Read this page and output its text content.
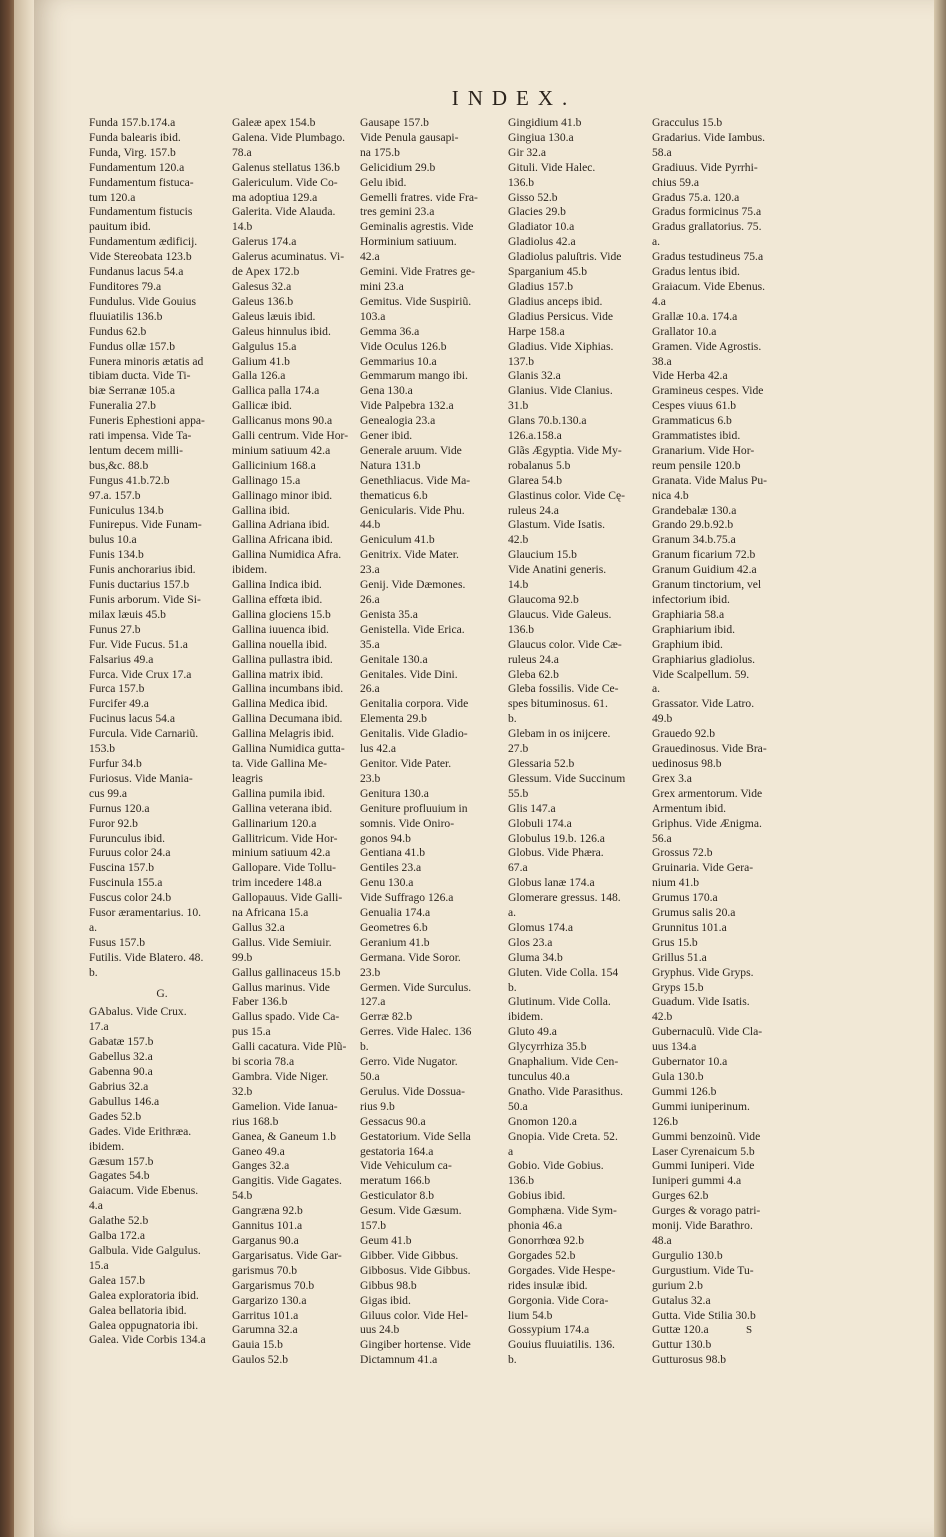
INDEX.
Funda 157.b.174.a
Funda balearis ibid.
Funda, Virg. 157.b
Fundamentum 120.a
Fundamentum fistuca-
tum 120.a
Fundamentum fistucis
pauitum ibid.
Fundamentum ædificij.
Vide Stereobata 123.b
Fundanus lacus 54.a
Funditores 79.a
Fundulus. Vide Gouius
fluuiatilis 136.b
Fundus 62.b
Fundus ollæ 157.b
Funera minoris ætatis ad
tibiam ducta. Vide Ti-
biæ Serranæ 105.a
Funeralia 27.b
Funeris Ephestioni appa-
rati impensa. Vide Ta-
lentum decem milli-
bus,&c. 88.b
Fungus 41.b.72.b
97.a. 157.b
Funiculus 134.b
Funirepus. Vide Funam-
bulus 10.a
Funis 134.b
Funis anchorarius ibid.
Funis ductarius 157.b
Funis arborum. Vide Si-
milax læuis 45.b
Funus 27.b
Fur. Vide Fucus. 51.a
Falsarius 49.a
Furca. Vide Crux 17.a
Furca 157.b
Furcifer 49.a
Fucinus lacus 54.a
Furcula. Vide Carnariũ.
153.b
Furfur 34.b
Furiosus. Vide Mania-
cus 99.a
Furnus 120.a
Furor 92.b
Furunculus ibid.
Furuus color 24.a
Fuscina 157.b
Fuscinula 155.a
Fuscus color 24.b
Fusor æramentarius. 10.
a.
Fusus 157.b
Futilis. Vide Blatero. 48.
b.
G.
GAbalus. Vide Crux.
17.a
Gabatæ 157.b
Gabellus 32.a
Gabenna 90.a
Gabrius 32.a
Gabullus 146.a
Gades 52.b
Gades. Vide Erithræa.
ibidem.
Gæsum 157.b
Gagates 54.b
Gaiacum. Vide Ebenus.
4.a
Galathe 52.b
Galba 172.a
Galbula. Vide Galgulus.
15.a
Galea 157.b
Galea exploratoria ibid.
Galea bellatoria ibid.
Galea oppugnatoria ibi.
Galea. Vide Corbis 134.a
Galeæ apex 154.b
Galena. Vide Plumbago.
78.a
Galenus stellatus 136.b
Galericulum. Vide Co-
ma adoptiua 129.a
Galerita. Vide Alauda.
14.b
Galerus 174.a
Galerus acuminatus. Vi-
de Apex 172.b
Galesus 32.a
Galeus 136.b
Galeus læuis ibid.
Galeus hinnulus ibid.
Galgulus 15.a
Galium 41.b
Galla 126.a
Gallica palla 174.a
Gallicæ ibid.
Gallicanus mons 90.a
Galli centrum. Vide Hor-
minium satiuum 42.a
Gallicinium 168.a
Gallinago 15.a
Gallinago minor ibid.
Gallina ibid.
Gallina Adriana ibid.
Gallina Africana ibid.
Gallina Numidica Afra.
ibidem.
Gallina Indica ibid.
Gallina effœta ibid.
Gallina glociens 15.b
Gallina iuuenca ibid.
Gallina nouella ibid.
Gallina pullastra ibid.
Gallina matrix ibid.
Gallina incumbans ibid.
Gallina Medica ibid.
Gallina Decumana ibid.
Gallina Melagris ibid.
Gallina Numidica gutta-
ta. Vide Gallina Me-
leagris
Gallina pumila ibid.
Gallina veterana ibid.
Gallinarium 120.a
Gallitricum. Vide Hor-
minium satiuum 42.a
Gallopare. Vide Tollu-
trim incedere 148.a
Gallopauus. Vide Galli-
na Africana 15.a
Gallus 32.a
Gallus. Vide Semiuir.
99.b
Gallus gallinaceus 15.b
Gallus marinus. Vide
Faber 136.b
Gallus spado. Vide Ca-
pus 15.a
Galli cacatura. Vide Plũ-
bi scoria 78.a
Gambra. Vide Niger.
32.b
Gamelion. Vide Ianua-
rius 168.b
Ganea, & Ganeum 1.b
Ganeo 49.a
Ganges 32.a
Gangitis. Vide Gagates.
54.b
Gangræna 92.b
Gannitus 101.a
Garganus 90.a
Gargarisatus. Vide Gar-
garismus 70.b
Gargarismus 70.b
Gargarizo 130.a
Garritus 101.a
Garumna 32.a
Gauia 15.b
Gaulos 52.b
Gausape 157.b
Vide Penula gausapi-
na 175.b
Gelicidium 29.b
Gelu ibid.
Gemelli fratres. vide Fra-
tres gemini 23.a
Geminalis agrestis. Vide
Horminium satiuum.
42.a
Gemini. Vide Fratres ge-
mini 23.a
Gemitus. Vide Suspiriũ.
103.a
Gemma 36.a
Vide Oculus 126.b
Gemmarius 10.a
Gemmarum mango ibi.
Gena 130.a
Vide Palpebra 132.a
Genealogia 23.a
Gener ibid.
Generale aruum. Vide
Natura 131.b
Genethliacus. Vide Ma-
thematicus 6.b
Genicularis. Vide Phu.
44.b
Geniculum 41.b
Genitrix. Vide Mater.
23.a
Genij. Vide Dæmones.
26.a
Genista 35.a
Genistella. Vide Erica.
35.a
Genitale 130.a
Genitales. Vide Dini.
26.a
Genitalia corpora. Vide
Elementa 29.b
Genitalis. Vide Gladio-
lus 42.a
Genitor. Vide Pater.
23.b
Genitura 130.a
Geniture profluuium in
somnis. Vide Oniro-
gonos 94.b
Gentiana 41.b
Gentiles 23.a
Genu 130.a
Vide Suffrago 126.a
Genualia 174.a
Geometres 6.b
Geranium 41.b
Germana. Vide Soror.
23.b
Germen. Vide Surculus.
127.a
Gerræ 82.b
Gerres. Vide Halec. 136
b.
Gerro. Vide Nugator.
50.a
Gerulus. Vide Dossua-
rius 9.b
Gessacus 90.a
Gestatorium. Vide Sella
gestatoria 164.a
Vide Vehiculum ca-
meratum 166.b
Gesticulator 8.b
Gesum. Vide Gæsum.
157.b
Geum 41.b
Gibber. Vide Gibbus.
Gibbosus. Vide Gibbus.
Gibbus 98.b
Gigas ibid.
Giluus color. Vide Hel-
uus 24.b
Gingiber hortense. Vide
Dictamnum 41.a
Gingidium 41.b
Gingiua 130.a
Gir 32.a
Gituli. Vide Halec.
136.b
Gisso 52.b
Glacies 29.b
Gladiator 10.a
Gladiolus 42.a
Gladiolus paluſtris. Vide
Sparganium 45.b
Gladius 157.b
Gladius anceps ibid.
Gladius Persicus. Vide
Harpe 158.a
Gladius. Vide Xiphias.
137.b
Glanis 32.a
Glanius. Vide Clanius.
31.b
Glans 70.b.130.a
126.a.158.a
Glãs Ægyptia. Vide My-
robalanus 5.b
Glarea 54.b
Glastinus color. Vide Cę-
ruleus 24.a
Glastum. Vide Isatis.
42.b
Glaucium 15.b
Vide Anatini generis.
14.b
Glaucoma 92.b
Glaucus. Vide Galeus.
136.b
Glaucus color. Vide Cæ-
ruleus 24.a
Gleba 62.b
Gleba fossilis. Vide Ce-
spes bituminosus. 61.
b.
Glebam in os inijcere.
27.b
Glessaria 52.b
Glessum. Vide Succinum
55.b
Glis 147.a
Globuli 174.a
Globulus 19.b. 126.a
Globus. Vide Phæra.
67.a
Globus lanæ 174.a
Glomerare gressus. 148.
a.
Glomus 174.a
Glos 23.a
Gluma 34.b
Gluten. Vide Colla. 154
b.
Glutinum. Vide Colla.
ibidem.
Gluto 49.a
Glycyrrhiza 35.b
Gnaphalium. Vide Cen-
tunculus 40.a
Gnatho. Vide Parasithus.
50.a
Gnomon 120.a
Gnopia. Vide Creta. 52.
a
Gobio. Vide Gobius.
136.b
Gobius ibid.
Gomphæna. Vide Sym-
phonia 46.a
Gonorrhœa 92.b
Gorgades 52.b
Gorgades. Vide Hespe-
rides insulæ ibid.
Gorgonia. Vide Cora-
lium 54.b
Gossypium 174.a
Gouius fluuiatilis. 136.
b.
Gracculus 15.b
Gradarius. Vide Iambus.
58.a
Gradiuus. Vide Pyrrhi-
chius 59.a
Gradus 75.a. 120.a
Gradus formicinus 75.a
Gradus grallatorius. 75.
a.
Gradus testudineus 75.a
Gradus lentus ibid.
Graiacum. Vide Ebenus.
4.a
Grallæ 10.a. 174.a
Grallator 10.a
Gramen. Vide Agrostis.
38.a
Vide Herba 42.a
Gramineus cespes. Vide
Cespes viuus 61.b
Grammaticus 6.b
Grammatistes ibid.
Granarium. Vide Hor-
reum pensile 120.b
Granata. Vide Malus Pu-
nica 4.b
Grandebalæ 130.a
Grando 29.b.92.b
Granum 34.b.75.a
Granum ficarium 72.b
Granum Guidium 42.a
Granum tinctorium, vel
infectorium ibid.
Graphiaria 58.a
Graphiarium ibid.
Graphium ibid.
Graphiarius gladiolus.
Vide Scalpellum. 59.
a.
Grassator. Vide Latro.
49.b
Grauedo 92.b
Grauedinosus. Vide Bra-
uedinosus 98.b
Grex 3.a
Grex armentorum. Vide
Armentum ibid.
Griphus. Vide Ænigma.
56.a
Grossus 72.b
Gruinaria. Vide Gera-
nium 41.b
Grumus 170.a
Grumus salis 20.a
Grunnitus 101.a
Grus 15.b
Grillus 51.a
Gryphus. Vide Gryps.
Gryps 15.b
Guadum. Vide Isatis.
42.b
Gubernaculũ. Vide Cla-
uus 134.a
Gubernator 10.a
Gula 130.b
Gummi 126.b
Gummi iuniperinum.
126.b
Gummi benzoinũ. Vide
Laser Cyrenaicum 5.b
Gummi Iuniperi. Vide
Iuniperi gummi 4.a
Gurges 62.b
Gurges & vorago patri-
monij. Vide Barathro.
48.a
Gurgulio 130.b
Gurgustium. Vide Tu-
gurium 2.b
Gutalus 32.a
Gutta. Vide Stilia 30.b
Guttæ 120.a
Guttur 130.b
Gutturosus 98.b
S
